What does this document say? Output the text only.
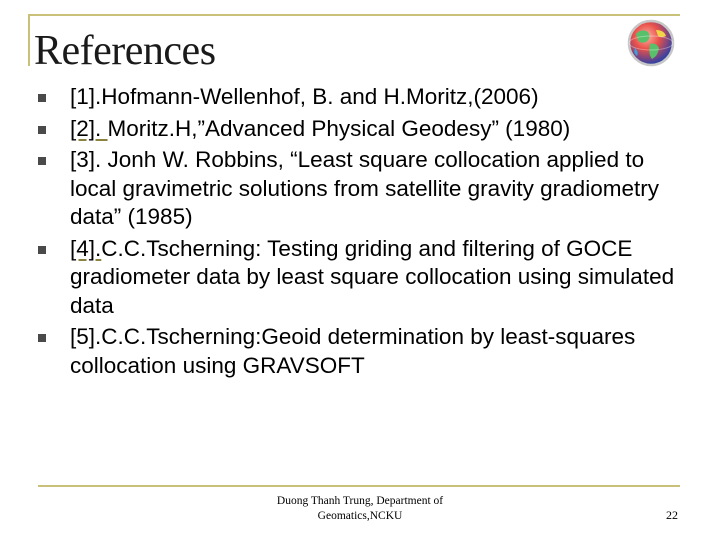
References
[1].Hofmann-Wellenhof, B. and H.Moritz,(2006)
[2]. Moritz.H,”Advanced Physical Geodesy” (1980)
[3]. Jonh W. Robbins, “Least square collocation applied to local gravimetric solutions from satellite gravity gradiometry data” (1985)
[4].C.C.Tscherning: Testing griding and filtering of GOCE gradiometer data by least square collocation using simulated data
[5].C.C.Tscherning:Geoid determination by least-squares collocation using GRAVSOFT
Duong Thanh Trung, Department of
Geomatics,NCKU	22
